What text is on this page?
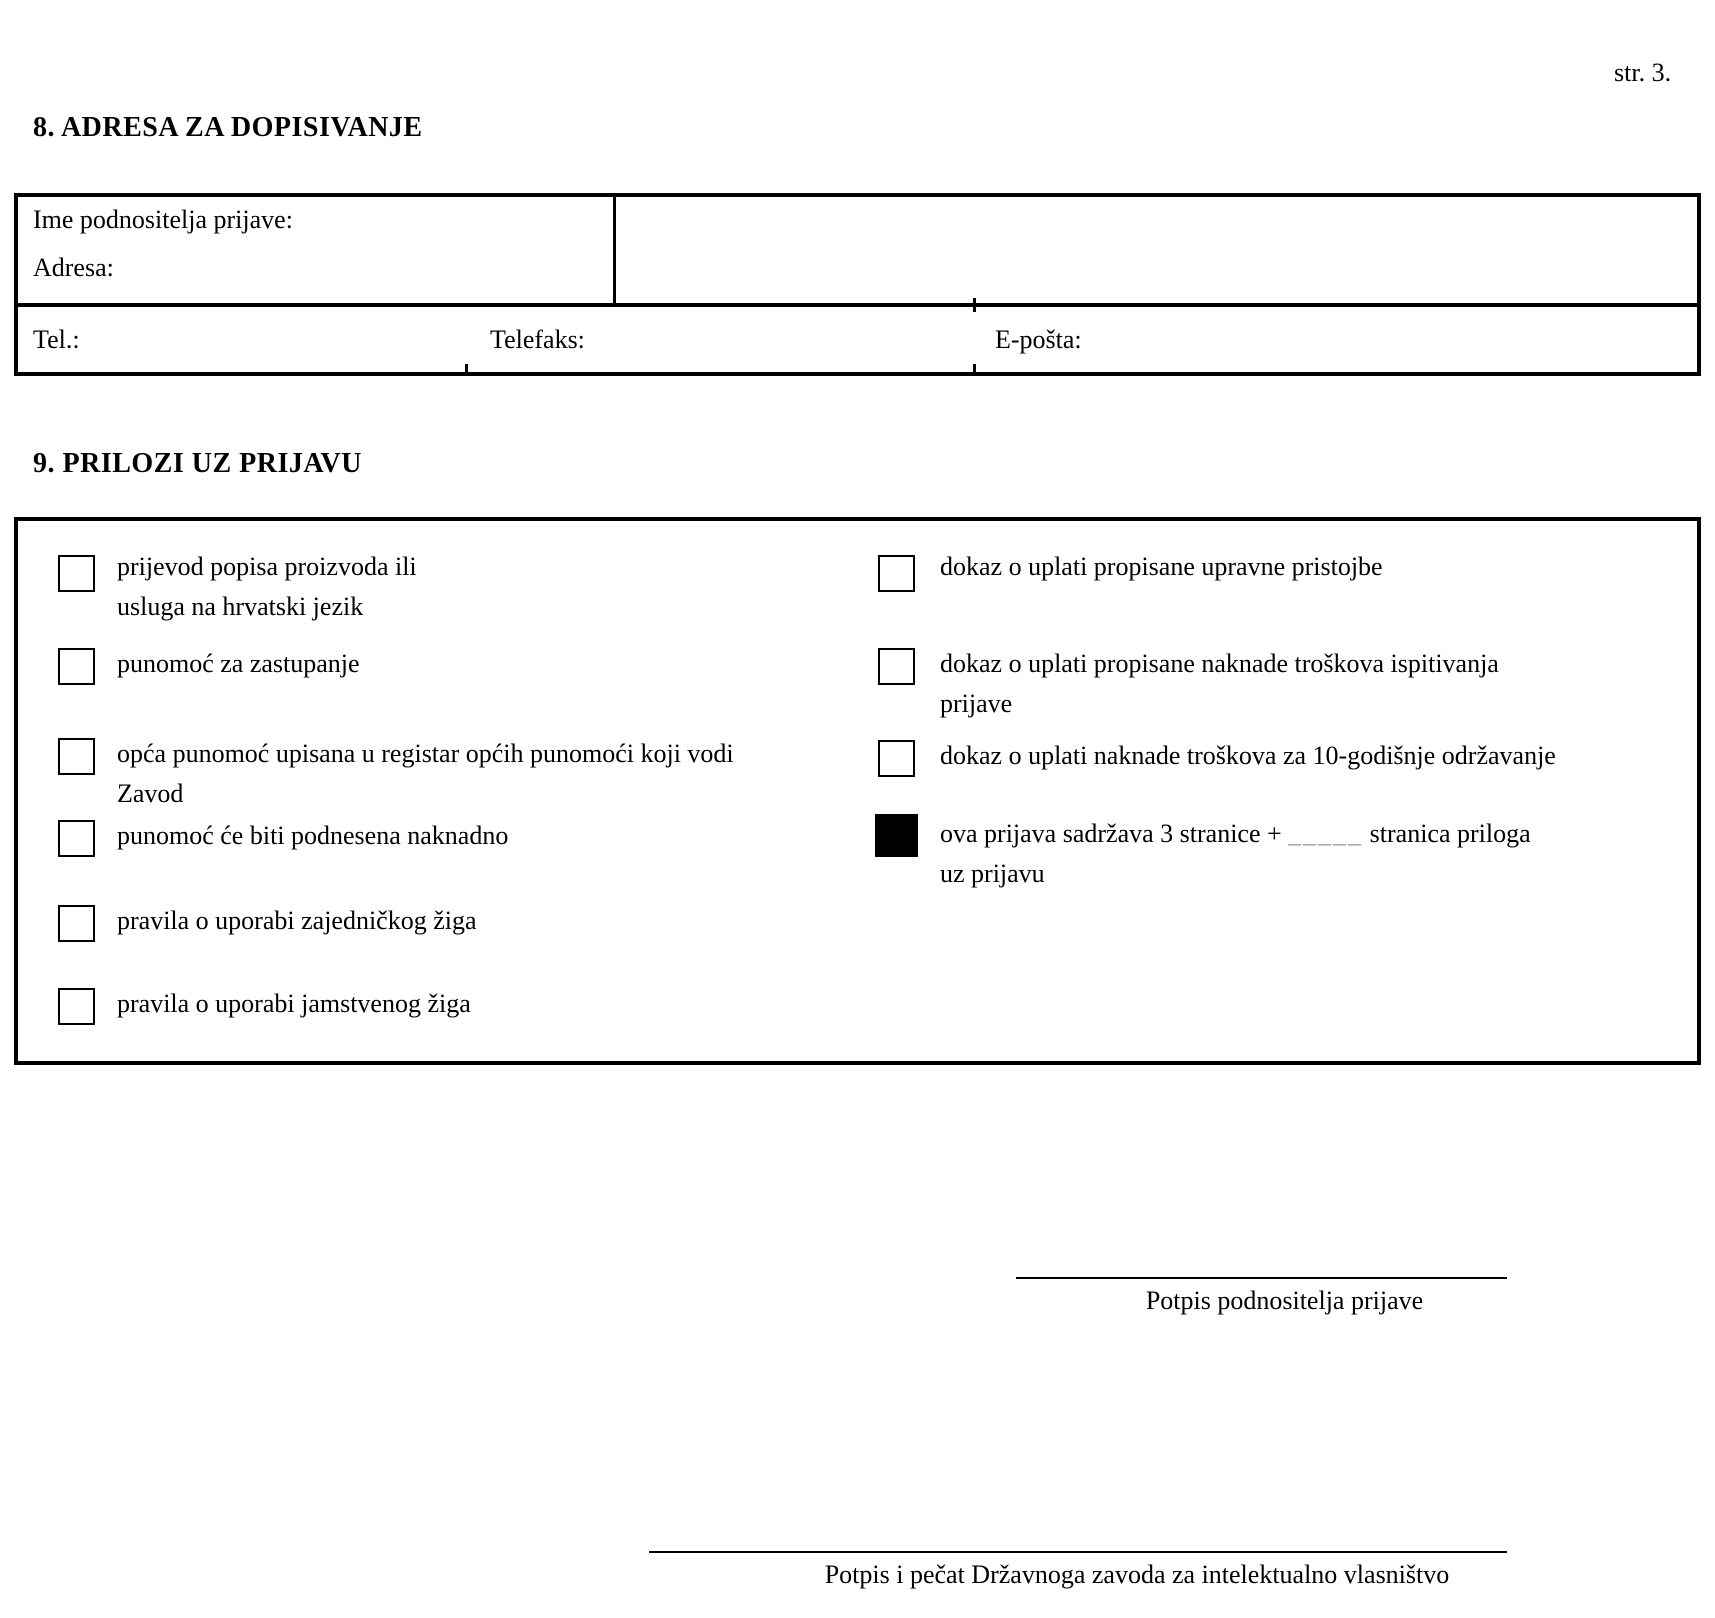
str. 3.
8. ADRESA ZA DOPISIVANJE
Ime podnositelja prijave:
Adresa:
Tel.:	Telefaks:	E-pošta:
9. PRILOZI UZ PRIJAVU
prijevod popisa proizvoda ili
usluga na hrvatski jezik
punomoć za zastupanje
opća punomoć upisana u registar općih punomoći koji vodi
Zavod
punomoć će biti podnesena naknadno
pravila o uporabi zajedničkog žiga
pravila o uporabi jamstvenog žiga
dokaz o uplati propisane upravne pristojbe
dokaz o uplati propisane naknade troškova ispitivanja
prijave
dokaz o uplati naknade troškova za 10-godišnje održavanje
ova prijava sadržava 3 stranice + _____ stranica priloga
uz prijavu
Potpis podnositelja prijave
Potpis i pečat Državnoga zavoda za intelektualno vlasništvo
